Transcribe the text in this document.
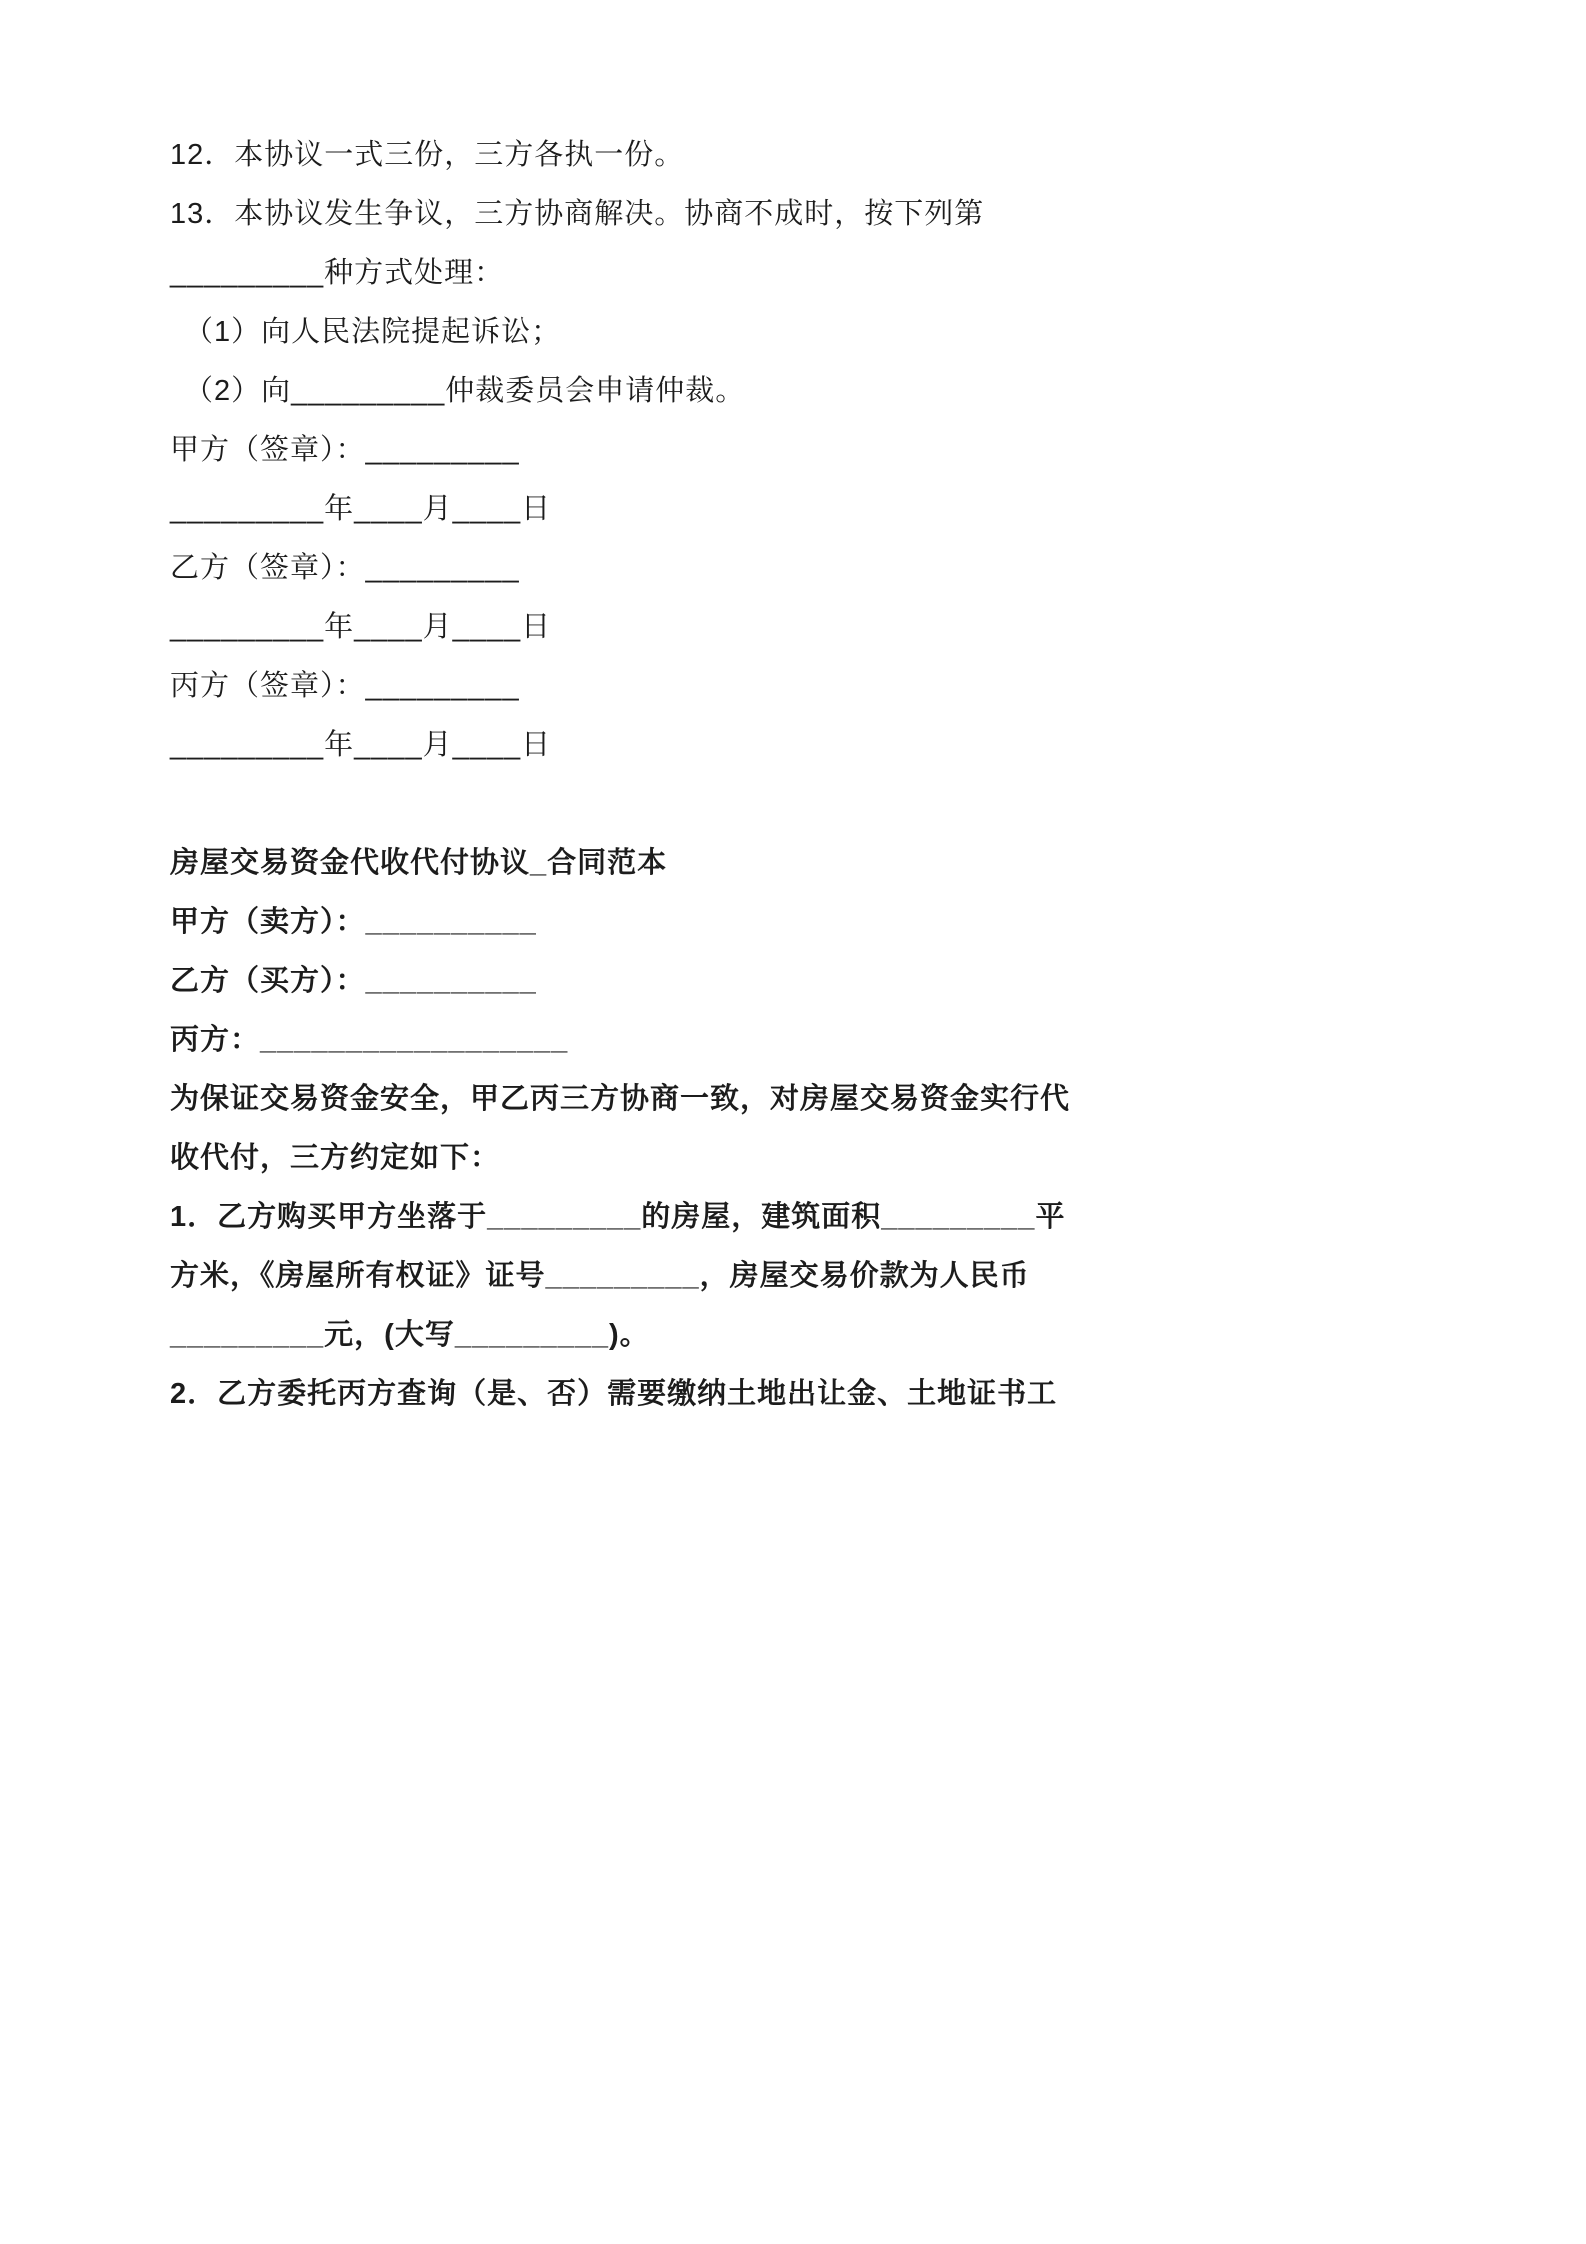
12．本协议一式三份，三方各执一份。
13．本协议发生争议，三方协商解决。协商不成时，按下列第
_________种方式处理：
（1）向人民法院提起诉讼；
（2）向_________仲裁委员会申请仲裁。
甲方（签章）：_________
_________年____月____日
乙方（签章）：_________
_________年____月____日
丙方（签章）：_________
_________年____月____日
房屋交易资金代收代付协议_合同范本
甲方（卖方）：__________
乙方（买方）：__________
丙方：__________________
为保证交易资金安全，甲乙丙三方协商一致，对房屋交易资金实行代
收代付，三方约定如下：
1．乙方购买甲方坐落于_________的房屋，建筑面积_________平
方米，《房屋所有权证》证号_________，房屋交易价款为人民币
_________元，(大写_________)。
2．乙方委托丙方查询（是、否）需要缴纳土地出让金、土地证书工
